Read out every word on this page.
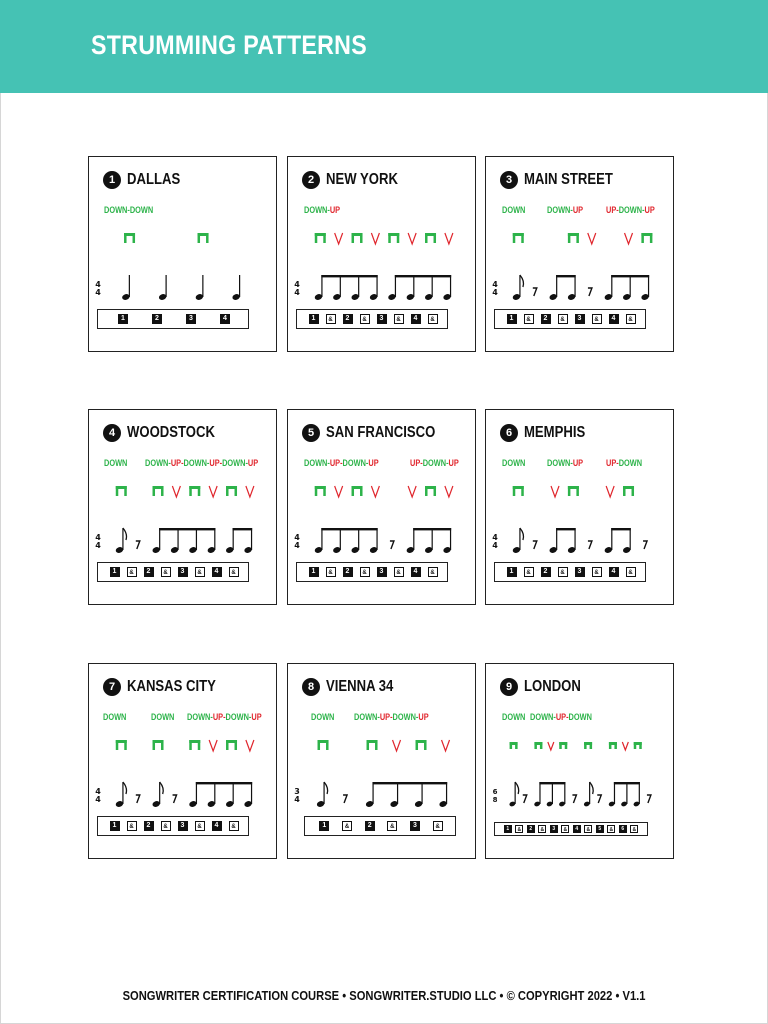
STRUMMING PATTERNS
1 DALLAS
DOWN-DOWN
4
4
1	2	3	4
2 NEW YORK
DOWN-UP
4
4
1	&	2	&	3	&	4	&
3 MAIN STREET
DOWN DOWN-UP	UP-DOWN-UP
4
4
1	&	2	&	3	&	4	&
4 WOODSTOCK
DOWN DOWN-UP-DOWN-UP-DOWN-UP
4
4
1	&	2	&	3	&	4	&
5 SAN FRANCISCO
DOWN-UP-DOWN-UP	UP-DOWN-UP
4
4
1	&	2	&	3	&	4	&
6 MEMPHIS
DOWN DOWN-UP	UP-DOWN
4
4
1	&	2	&	3	&	4	&
7 KANSAS CITY
DOWN	DOWN DOWN-UP-DOWN-UP
4
4
1	&	2	&	3	&	4	&
8 VIENNA 34
DOWN DOWN-UP-DOWN-UP
3
4
1	&	2	&	3	&
9 LONDON
DOWN DOWN-UP-DOWN
6
8
1	&	2	&	3	&	4	&	5	&	6	&
SONGWRITER CERTIFICATION COURSE • SONGWRITER.STUDIO LLC • © COPYRIGHT 2022 • V1.1
